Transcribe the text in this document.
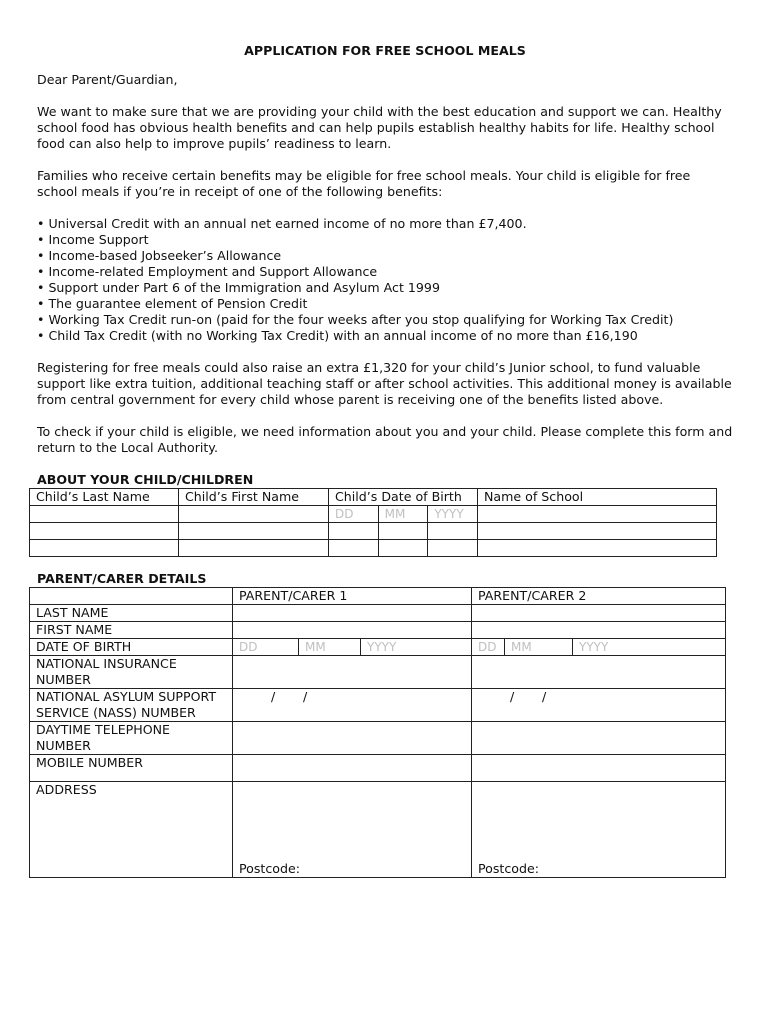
APPLICATION FOR FREE SCHOOL MEALS

Dear Parent/Guardian,

We want to make sure that we are providing your child with the best education and support we can. Healthy school food has obvious health benefits and can help pupils establish healthy habits for life. Healthy school food can also help to improve pupils’ readiness to learn.

Families who receive certain benefits may be eligible for free school meals. Your child is eligible for free school meals if you’re in receipt of one of the following benefits:

• Universal Credit with an annual net earned income of no more than £7,400.
• Income Support
• Income-based Jobseeker’s Allowance
• Income-related Employment and Support Allowance
• Support under Part 6 of the Immigration and Asylum Act 1999
• The guarantee element of Pension Credit
• Working Tax Credit run-on (paid for the four weeks after you stop qualifying for Working Tax Credit)
• Child Tax Credit (with no Working Tax Credit) with an annual income of no more than £16,190

Registering for free meals could also raise an extra £1,320 for your child’s Junior school, to fund valuable support like extra tuition, additional teaching staff or after school activities. This additional money is available from central government for every child whose parent is receiving one of the benefits listed above.

To check if your child is eligible, we need information about you and your child. Please complete this form and return to the Local Authority.

ABOUT YOUR CHILD/CHILDREN
Child’s Last Name	Child’s First Name	Child’s Date of Birth	Name of School

		DD MM YYYY	

PARENT/CARER DETAILS
	PARENT/CARER 1	PARENT/CARER 2
LAST NAME		
FIRST NAME		
DATE OF BIRTH	DD MM YYYY	DD MM YYYY

NATIONAL INSURANCE NUMBER		
NATIONAL ASYLUM SUPPORT SERVICE (NASS) NUMBER	/ /	/ /
DAYTIME TELEPHONE NUMBER		
MOBILE NUMBER		
ADDRESS	Postcode:	Postcode:
